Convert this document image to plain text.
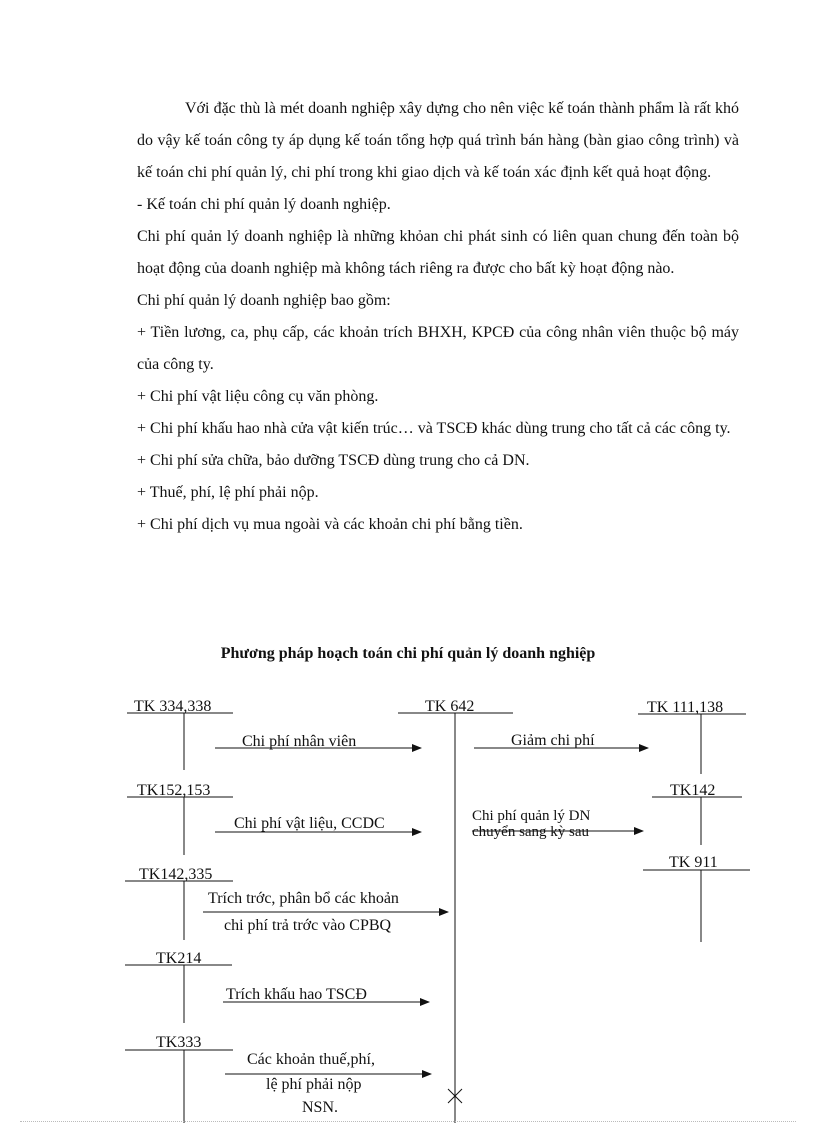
Với đặc thù là mét doanh nghiệp xây dựng cho nên việc kế toán thành phẩm là rất khó do vậy kế toán công ty áp dụng kế toán tổng hợp quá trình bán hàng (bàn giao công trình) và kế toán chi phí quản lý, chi phí trong khi giao dịch và kế toán xác định kết quả hoạt động.

- Kế toán chi phí quản lý doanh nghiệp.

Chi phí quản lý doanh nghiệp là những khỏan chi phát sinh có liên quan chung đến toàn bộ hoạt động của doanh nghiệp mà không tách riêng ra được cho bất kỳ hoạt động nào.

Chi phí quản lý doanh nghiệp bao gồm:

+ Tiền lương, ca, phụ cấp, các khoản trích BHXH, KPCĐ của công nhân viên thuộc bộ máy của công ty.

+ Chi phí vật liệu công cụ văn phòng.

+ Chi phí khấu hao nhà cửa vật kiến trúc… và TSCĐ khác dùng trung cho tất cả các công ty.

+ Chi phí sửa chữa, bảo dưỡng TSCĐ dùng trung cho cả DN.

+ Thuế, phí, lệ phí phải nộp.

+ Chi phí dịch vụ mua ngoài và các khoản chi phí bằng tiền.

Phương pháp hoạch toán chi phí quản lý doanh nghiệp
TK 334,338	TK 642	TK 111,138
TK152,153	TK142
TK142,335
TK 911
TK214
TK333
Chi phí nhân viên	Giảm chi phí
Chi phí vật liệu, CCDC	Chi phí quản lý DN
chuyển sang kỳ sau
Trích trớc, phân bổ các khoản
chi phí trả trớc vào CPBQ
Trích khấu hao TSCĐ
Các khoản thuế,phí,
lệ phí phải nộp
NSN.
